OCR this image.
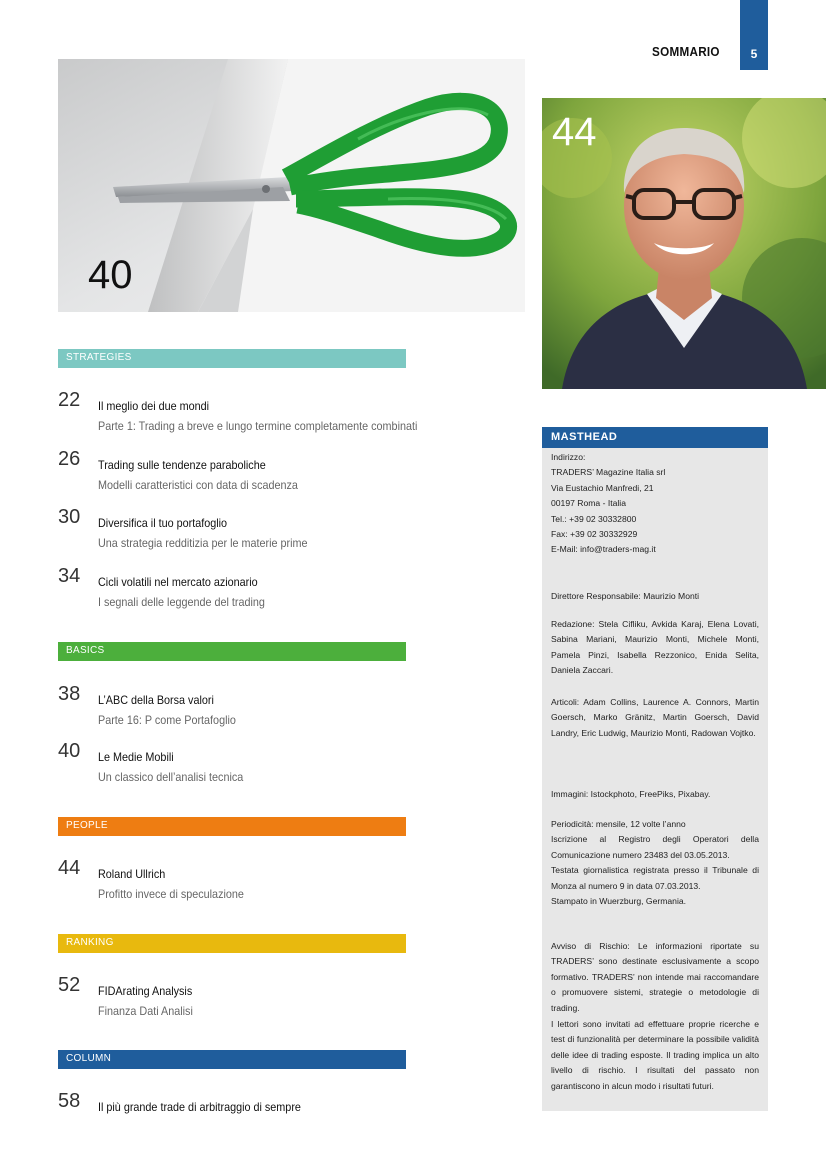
SOMMARIO	5
40
44
STRATEGIES
22 Il meglio dei due mondi
Parte 1: Trading a breve e lungo termine completamente combinati
26 Trading sulle tendenze paraboliche
Modelli caratteristici con data di scadenza
30 Diversifica il tuo portafoglio
Una strategia redditizia per le materie prime
34 Cicli volatili nel mercato azionario
I segnali delle leggende del trading
BASICS
38 L’ABC della Borsa valori
Parte 16: P come Portafoglio
40 Le Medie Mobili
Un classico dell’analisi tecnica
PEOPLE
44 Roland Ullrich
Profitto invece di speculazione
RANKING
52 FIDArating Analysis
Finanza Dati Analisi
COLUMN
58 Il più grande trade di arbitraggio di sempre
MASTHEAD

Indirizzo:

TRADERS’ Magazine Italia srl

Via Eustachio Manfredi, 21

00197 Roma - Italia

Tel.: +39 02 30332800

Fax: +39 02 30332929

E-Mail: info@traders-mag.it

Direttore Responsabile: Maurizio Monti

Redazione: Stela Cifliku, Avkida Karaj, Elena Lovati, Sabina Mariani, Maurizio Monti, Michele Monti, Pamela Pinzi, Isabella Rezzonico, Enida Selita, Daniela Zaccari.

Articoli: Adam Collins, Laurence A. Connors, Martin Goersch, Marko Gränitz, Martin Goersch, David Landry, Eric Ludwig, Maurizio Monti, Radowan Vojtko.

Immagini: Istockphoto, FreePiks, Pixabay.

Periodicità: mensile, 12 volte l’anno

Iscrizione al Registro degli Operatori della Comunicazione numero 23483 del 03.05.2013.

Testata giornalistica registrata presso il Tribunale di Monza al numero 9 in data 07.03.2013.

Stampato in Wuerzburg, Germania.

Avviso di Rischio: Le informazioni riportate su TRADERS’ sono destinate esclusivamente a scopo formativo. TRADERS’ non intende mai raccomandare o promuovere sistemi, strategie o metodologie di trading.

I lettori sono invitati ad effettuare proprie ricerche e test di funzionalità per determinare la possibile validità delle idee di trading esposte. Il trading implica un alto livello di rischio. I risultati del passato non garantiscono in alcun modo i risultati futuri.
